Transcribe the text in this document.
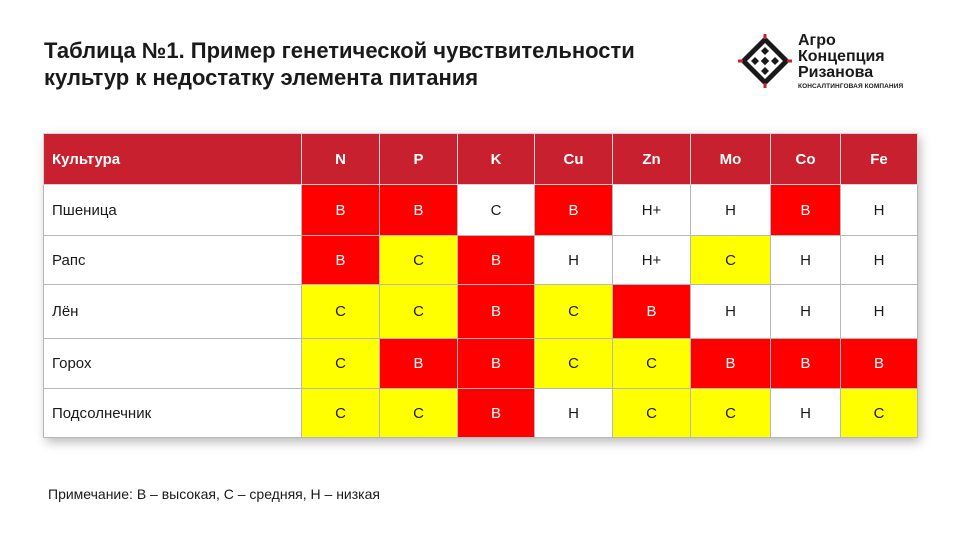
Таблица №1. Пример генетической чувствительности
культур к недостатку элемента питания
Агро
Концепция
Ризанова
КОНСАЛТИНГОВАЯ КОМПАНИЯ
Культура	N	P	K	Cu	Zn	Mo	Co	Fe
Пшеница	В	В	С	В	Н+	Н	В	Н
Рапс	В	С	В	Н	Н+	С	Н	Н
Лён	С	С	В	С	В	Н	Н	Н
Горох	С	В	В	С	С	В	В	В
Подсолнечник	С	С	В	Н	С	С	Н	С

Примечание: В – высокая, С – средняя, Н – низкая
